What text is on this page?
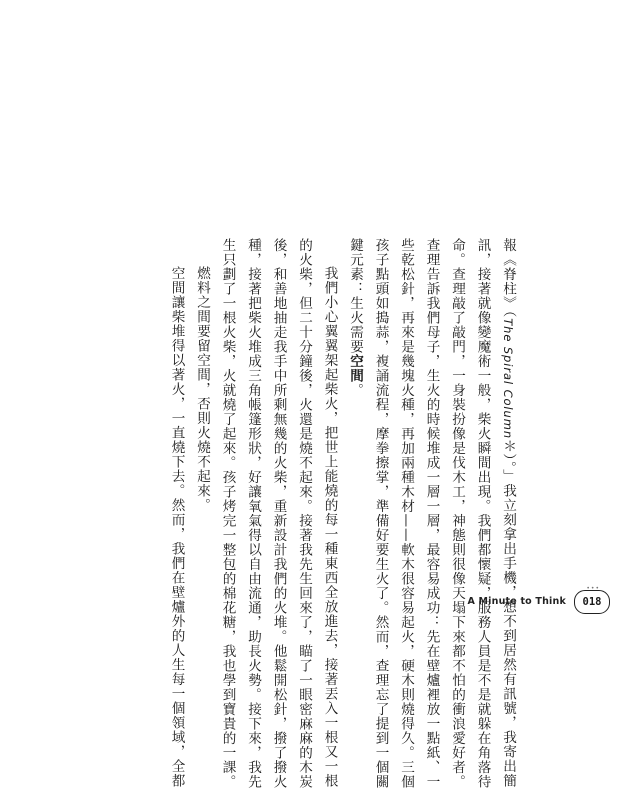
報《脊柱》（The Spiral Column＊）。」我立刻拿出手機，想不到居然有訊號，我寄出簡
訊，接著就像變魔術一般，柴火瞬間出現。我們都懷疑，服務人員是不是就躲在角落待
命。查理敲了敲門，一身裝扮像是伐木工，神態則很像天塌下來都不怕的衝浪愛好者。
查理告訴我們母子，生火的時候堆成一層一層，最容易成功：先在壁爐裡放一點紙、一
些乾松針，再來是幾塊火種，再加兩種木材——軟木很容易起火，硬木則燒得久。三個
孩子點頭如搗蒜，複誦流程，摩拳擦掌，準備好要生火了。然而，查理忘了提到一個關
鍵元素：生火需要空間。
我們小心翼翼架起柴火，把世上能燒的每一種東西全放進去，接著丟入一根又一根
的火柴，但二十分鐘後，火還是燒不起來。接著我先生回來了，瞄了一眼密麻麻的木炭
後，和善地抽走我手中所剩無幾的火柴，重新設計我們的火堆。他鬆開松針，撥了撥火
種，接著把柴火堆成三角帳篷形狀，好讓氧氣得以自由流通，助長火勢。接下來，我先
生只劃了一根火柴，火就燒了起來。孩子烤完一整包的棉花糖，我也學到寶貴的一課。
燃料之間要留空間，否則火燒不起來。
空間讓柴堆得以著火，一直燒下去。然而，我們在壁爐外的人生每一個領域，全都	A Minute to Think
•••
018
